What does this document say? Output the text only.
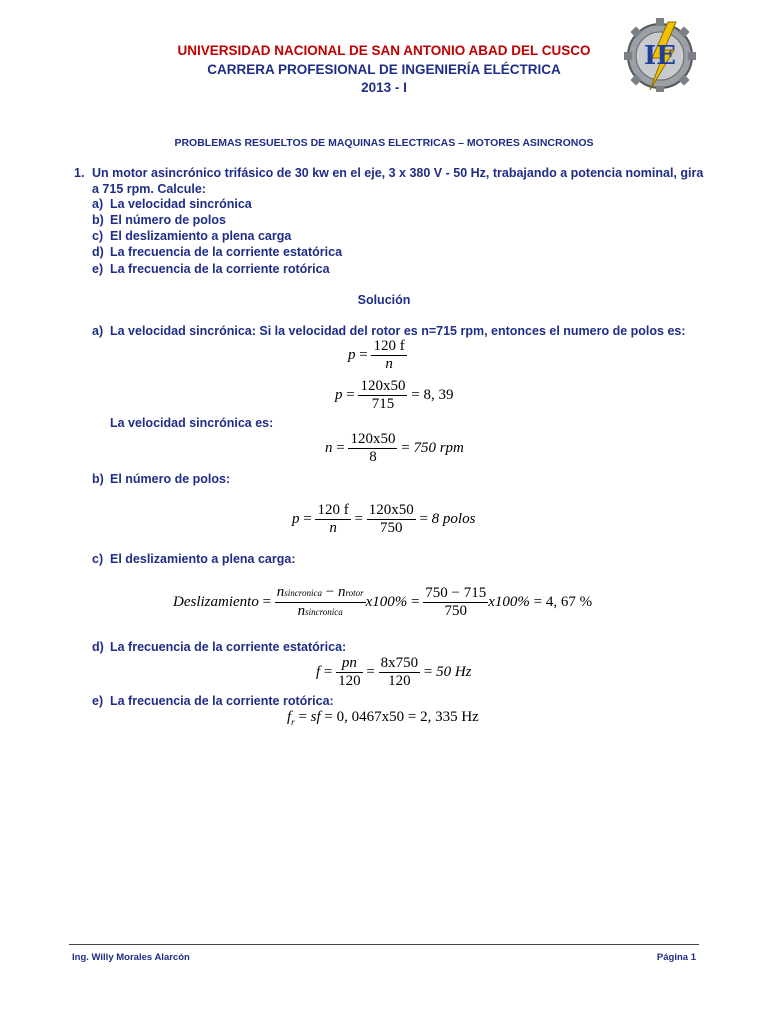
UNIVERSIDAD NACIONAL DE SAN ANTONIO ABAD DEL CUSCO
CARRERA PROFESIONAL DE INGENIERÍA ELÉCTRICA
2013 - I
IE
PROBLEMAS RESUELTOS DE MAQUINAS ELECTRICAS – MOTORES ASINCRONOS
1. Un motor asincrónico trifásico de 30 kw en el eje, 3 x 380 V - 50 Hz, trabajando a potencia nominal, gira
a 715 rpm. Calcule:
a) La velocidad sincrónica
b) El número de polos
c) El deslizamiento a plena carga
d) La frecuencia de la corriente estatórica
e) La frecuencia de la corriente rotórica
Solución
a) La velocidad sincrónica: Si la velocidad del rotor es n=715 rpm, entonces el numero de polos es:
$p = \frac{120 f}{n}$
$p = \frac{120x50}{715} = 8$, 39
La velocidad sincrónica es:
$n = \frac{120x50}{8} = 750$ rpm
b) El número de polos:
$p = \frac{120 f}{n} = \frac{120x50}{750} = 8$ polos
c) El deslizamiento a plena carga:
Deslizamiento = $\frac{\text{nsincronica − nrotor}}{\text{nsincronica}} x100\% = \frac{750 - 715}{750} x100\% = 4$, 67 %
d) La frecuencia de la corriente estatórica:
$f = \frac{pn}{120} = \frac{8x750}{120} = 50$ Hz
e) La frecuencia de la corriente rotórica:
$f_r$ = sf = 0, 0467x50 = 2, 335 Hz
Ing. Willy Morales Alarcón	Página 1
